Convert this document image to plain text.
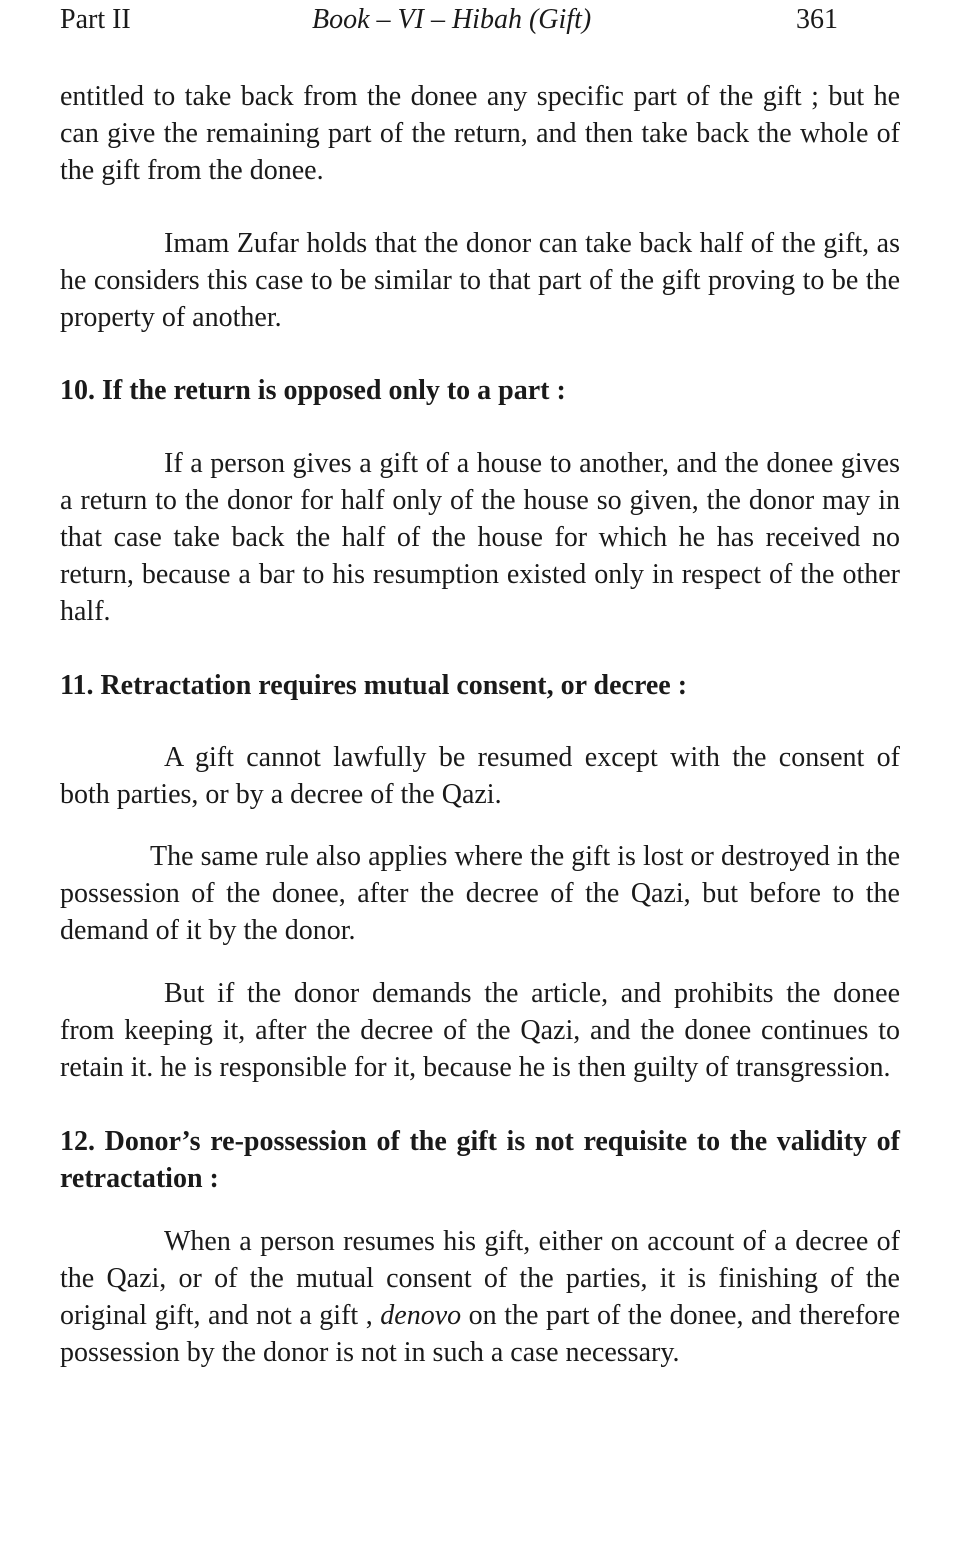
Part II	Book – VI – Hibah (Gift)	361

entitled to take back from the donee any specific part of the gift ; but he can give the remaining part of the return, and then take back the whole of the gift from the donee.

Imam Zufar holds that the donor can take back half of the gift, as he considers this case to be similar to that part of the gift proving to be the property of another.

10. If the return is opposed only to a part :

If a person gives a gift of a house to another, and the donee gives a return to the donor for half only of the house so given, the donor may in that case take back the half of the house for which he has received no return, because a bar to his resumption existed only in respect of the other half.

11. Retractation requires mutual consent, or decree :

A gift cannot lawfully be resumed except with the consent of both parties, or by a decree of the Qazi.

The same rule also applies where the gift is lost or destroyed in the possession of the donee, after the decree of the Qazi, but before to the demand of it by the donor.

But if the donor demands the article, and prohibits the donee from keeping it, after the decree of the Qazi, and the donee continues to retain it. he is responsible for it, because he is then guilty of transgression.

12. Donor’s re-possession of the gift is not requisite to the validity of retractation :

When a person resumes his gift, either on account of a decree of the Qazi, or of the mutual consent of the parties, it is finishing of the original gift, and not a gift , denovo on the part of the donee, and therefore possession by the donor is not in such a case necessary.
